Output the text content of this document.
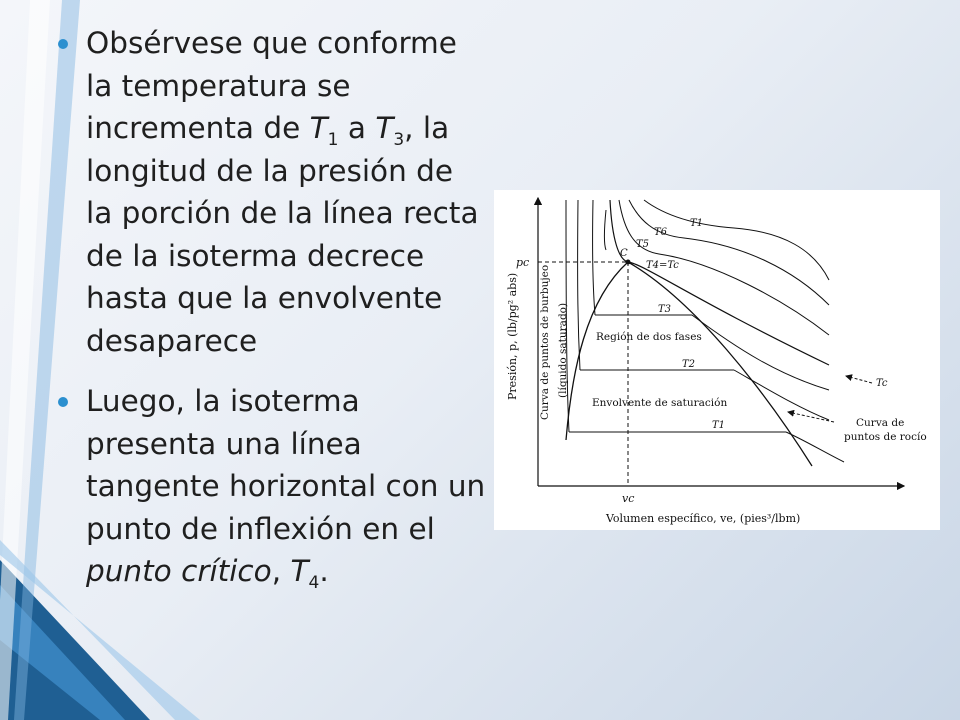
Obsérvese que conforme la temperatura se incrementa de $T_1$ a $T_3$, la longitud de la presión de la porción de la línea recta de la isoterma decrece hasta que la envolvente desaparece
Luego, la isoterma presenta una línea tangente horizontal con un punto de inflexión en el punto crítico, $T_4$.
C
pc
vc
Volumen específico, ve, (pies³/lbm)
Presión, p, (lb/pg² abs) Curva de puntos de burbujeo (líquido saturado)
T1
T6
T5
T4=Tc
T3
T2
T1
Región de dos fases
Envolvente de saturación
Tc
Curva de
puntos de rocío
